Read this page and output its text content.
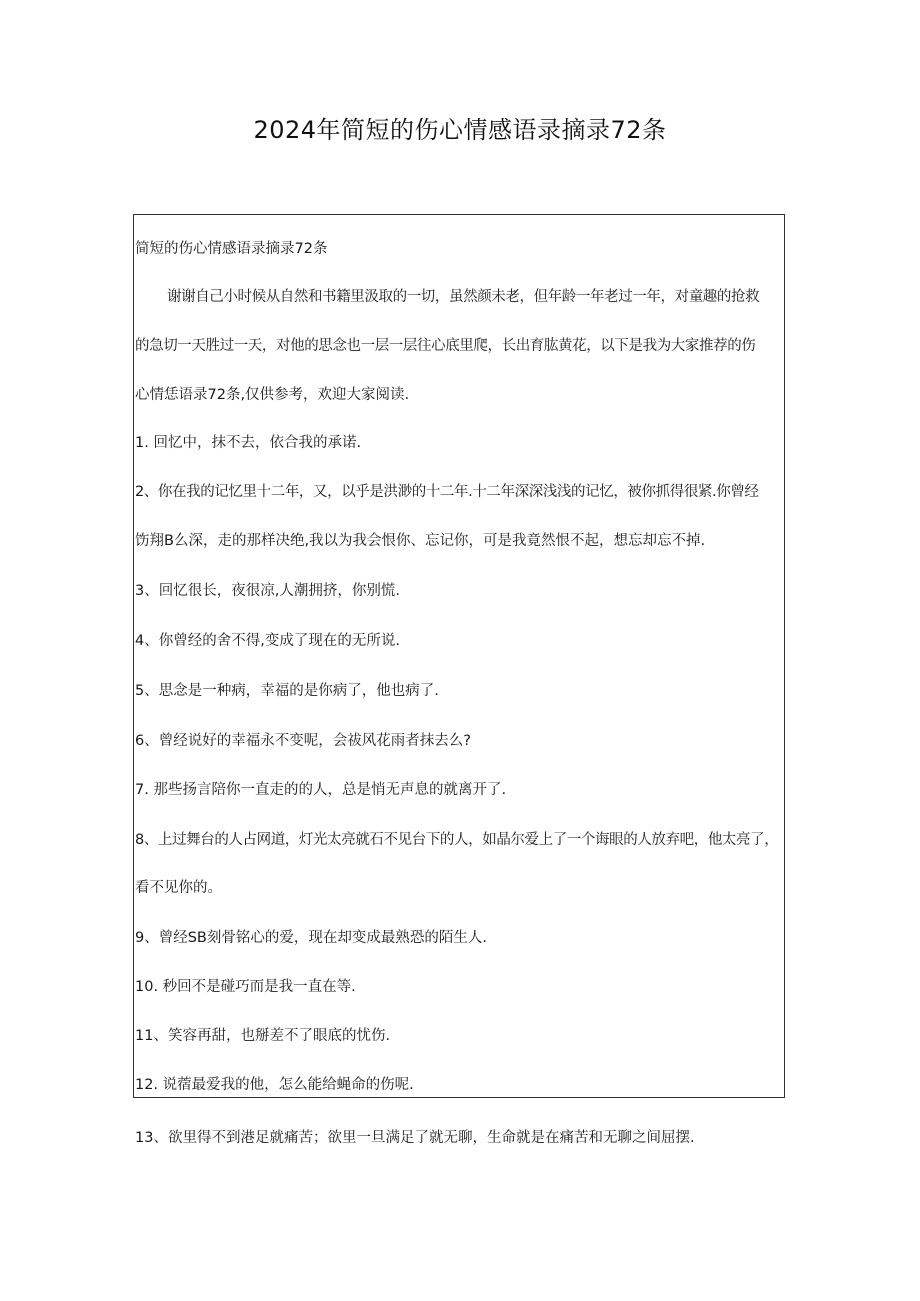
2024年简短的伤心情感语录摘录72条
简短的伤心情感语录摘录72条
谢谢自己小时候从自然和书籍里汲取的一切，虽然颜未老，但年龄一年老过一年，对童趣的抢救
的急切一天胜过一天，对他的思念也一层一层往心底里爬，长出育肱黄花，以下是我为大家推荐的伤
心情恁语录72条,仅供参考，欢迎大家阅读.
1. 回忆中，抹不去，依合我的承诺.
2、你在我的记忆里十二年，又，以乎是洪渺的十二年.十二年深深浅浅的记忆，被你抓得很紧.你曾经
饬翔B么深，走的那样决绝,我以为我会恨你、忘记你，可是我竟然恨不起，想忘却忘不掉.
3、回忆很长，夜很凉,人潮拥挤，你别慌.
4、你曾经的舍不得,变成了现在的无所说.
5、思念是一种病，幸福的是你病了，他也病了.
6、曾经说好的幸福永不变呢，会祓风花雨者抹去么?
7. 那些扬言陪你一直走的的人，总是悄无声息的就离开了.
8、上过舞台的人占网道，灯光太亮就石不见台下的人，如晶尔爱上了一个诲眼的人放弃吧，他太亮了，
看不见你的。
9、曾经SB刻骨铭心的爱，现在却变成最熟恐的陌生人.
10. 秒回不是碰巧而是我一直在等.
11、笑容再甜，也掰差不了眼底的忧伤.
12. 说蓿最爱我的他，怎么能给蝇命的伤呢.
13、欲里得不到港足就痛苦；欲里一旦满足了就无聊，生命就是在痛苦和无聊之间屈摆.
